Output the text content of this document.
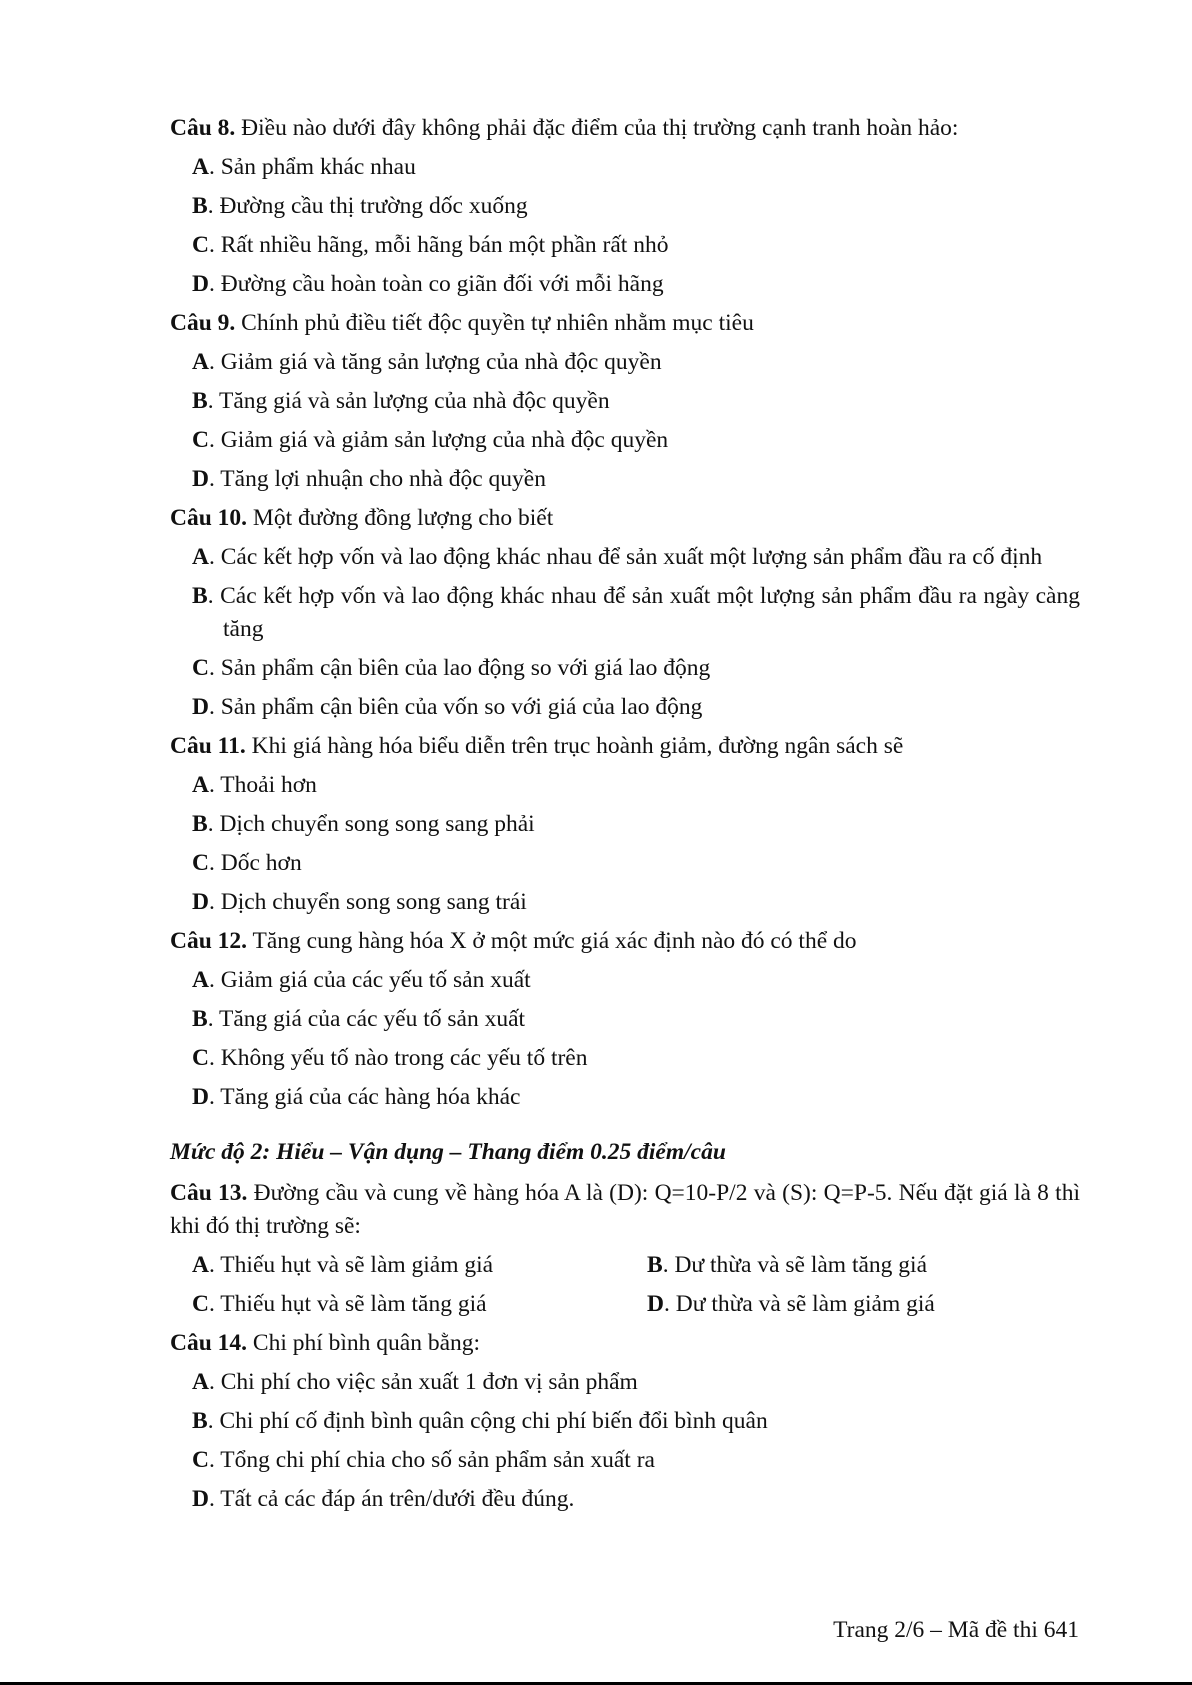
Câu 8. Điều nào dưới đây không phải đặc điểm của thị trường cạnh tranh hoàn hảo:

A. Sản phẩm khác nhau

B. Đường cầu thị trường dốc xuống

C. Rất nhiều hãng, mỗi hãng bán một phần rất nhỏ

D. Đường cầu hoàn toàn co giãn đối với mỗi hãng

Câu 9. Chính phủ điều tiết độc quyền tự nhiên nhằm mục tiêu

A. Giảm giá và tăng sản lượng của nhà độc quyền

B. Tăng giá và sản lượng của nhà độc quyền

C. Giảm giá và giảm sản lượng của nhà độc quyền

D. Tăng lợi nhuận cho nhà độc quyền

Câu 10. Một đường đồng lượng cho biết

A. Các kết hợp vốn và lao động khác nhau để sản xuất một lượng sản phẩm đầu ra cố định

B. Các kết hợp vốn và lao động khác nhau để sản xuất một lượng sản phẩm đầu ra ngày càng tăng

C. Sản phẩm cận biên của lao động so với giá lao động

D. Sản phẩm cận biên của vốn so với giá của lao động

Câu 11. Khi giá hàng hóa biểu diễn trên trục hoành giảm, đường ngân sách sẽ

A. Thoải hơn

B. Dịch chuyển song song sang phải

C. Dốc hơn

D. Dịch chuyển song song sang trái

Câu 12. Tăng cung hàng hóa X ở một mức giá xác định nào đó có thể do

A. Giảm giá của các yếu tố sản xuất

B. Tăng giá của các yếu tố sản xuất

C. Không yếu tố nào trong các yếu tố trên

D. Tăng giá của các hàng hóa khác

Mức độ 2: Hiểu – Vận dụng – Thang điểm 0.25 điểm/câu

Câu 13. Đường cầu và cung về hàng hóa A là (D): Q=10-P/2 và (S): Q=P-5. Nếu đặt giá là 8 thì khi đó thị trường sẽ:

A. Thiếu hụt và sẽ làm giảm giá	B. Dư thừa và sẽ làm tăng giá

C. Thiếu hụt và sẽ làm tăng giá	D. Dư thừa và sẽ làm giảm giá

Câu 14. Chi phí bình quân bằng:

A. Chi phí cho việc sản xuất 1 đơn vị sản phẩm

B. Chi phí cố định bình quân cộng chi phí biến đổi bình quân

C. Tổng chi phí chia cho số sản phẩm sản xuất ra

D. Tất cả các đáp án trên/dưới đều đúng.

Trang 2/6 – Mã đề thi 641
